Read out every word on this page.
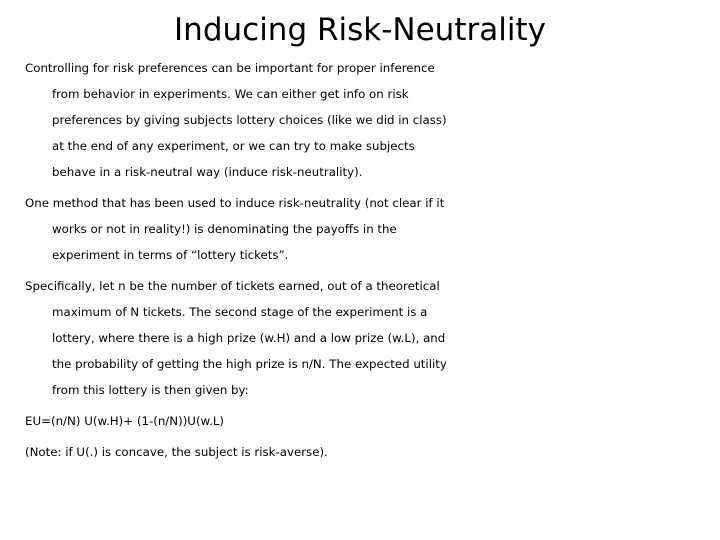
Inducing Risk-Neutrality
Controlling for risk preferences can be important for proper inference
from behavior in experiments. We can either get info on risk
preferences by giving subjects lottery choices (like we did in class)
at the end of any experiment, or we can try to make subjects
behave in a risk-neutral way (induce risk-neutrality).
One method that has been used to induce risk-neutrality (not clear if it
works or not in reality!) is denominating the payoffs in the
experiment in terms of “lottery tickets”.
Specifically, let n be the number of tickets earned, out of a theoretical
maximum of N tickets. The second stage of the experiment is a
lottery, where there is a high prize (w.H) and a low prize (w.L), and
the probability of getting the high prize is n/N. The expected utility
from this lottery is then given by:
EU=(n/N) U(w.H)+ (1-(n/N))U(w.L)
(Note: if U(.) is concave, the subject is risk-averse).
